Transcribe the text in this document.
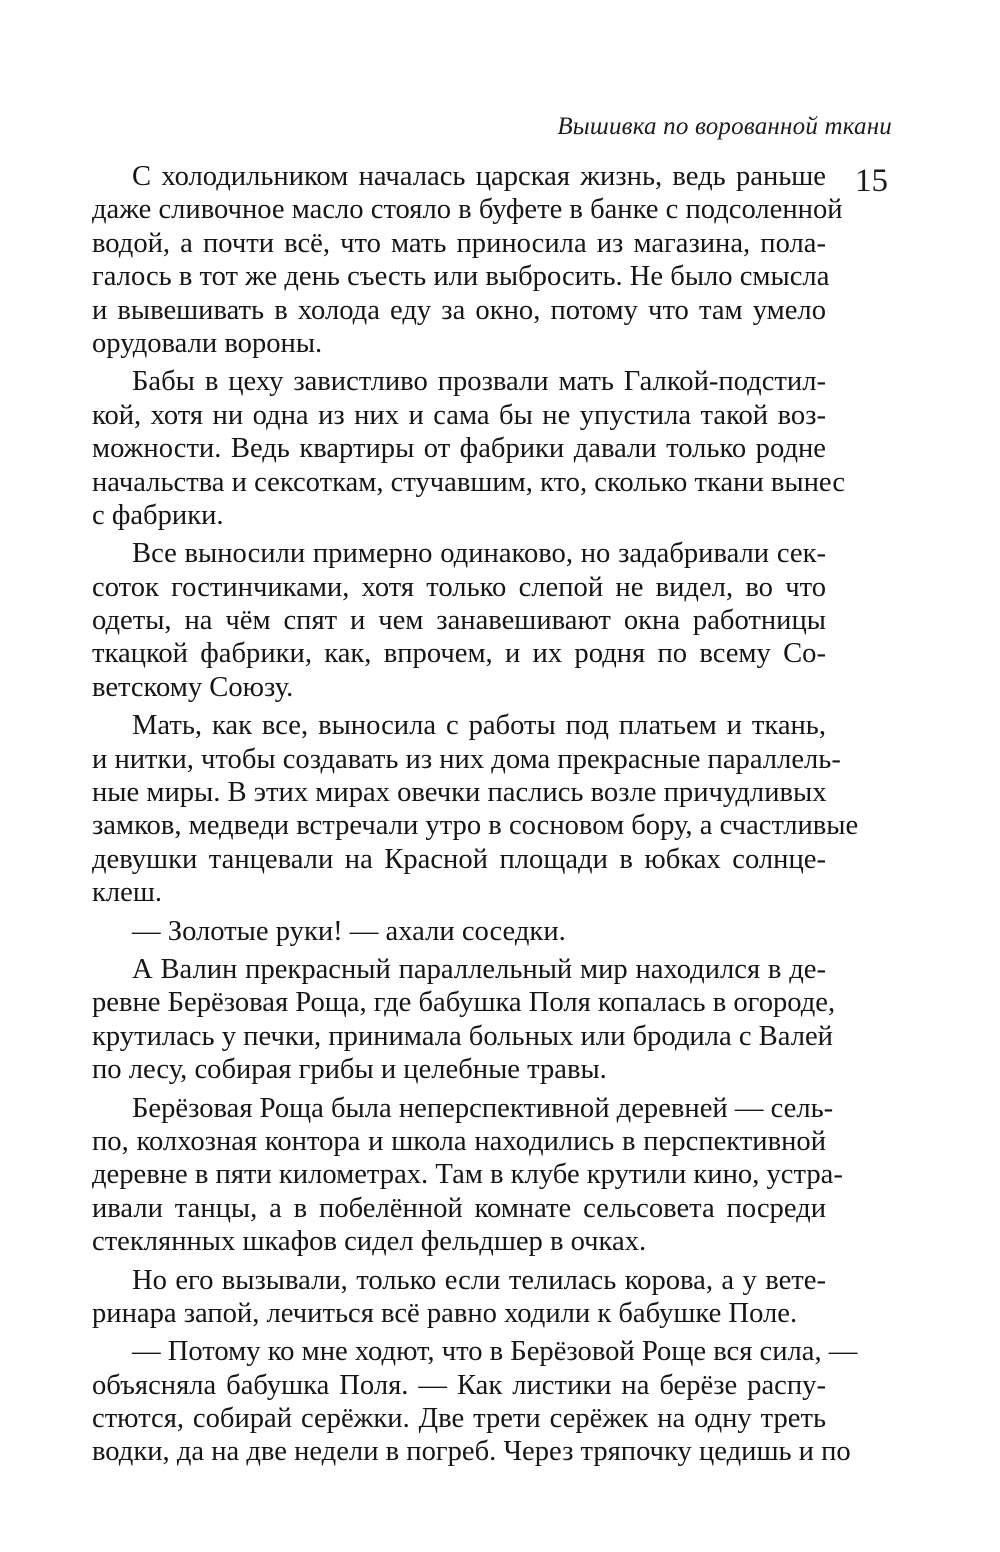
Вышивка по ворованной ткани
15
С холодильником началась царская жизнь, ведь раньше
даже сливочное масло стояло в буфете в банке с подсоленной
водой, а почти всё, что мать приносила из магазина, пола-
галось в тот же день съесть или выбросить. Не было смысла
и вывешивать в холода еду за окно, потому что там умело
орудовали вороны.
Бабы в цеху завистливо прозвали мать Галкой-подстил-
кой, хотя ни одна из них и сама бы не упустила такой воз-
можности. Ведь квартиры от фабрики давали только родне
начальства и сексоткам, стучавшим, кто, сколько ткани вынес
с фабрики.
Все выносили примерно одинаково, но задабривали сек-
соток гостинчиками, хотя только слепой не видел, во что
одеты, на чём спят и чем занавешивают окна работницы
ткацкой фабрики, как, впрочем, и их родня по всему Со-
ветскому Союзу.
Мать, как все, выносила с работы под платьем и ткань,
и нитки, чтобы создавать из них дома прекрасные параллель-
ные миры. В этих мирах овечки паслись возле причудливых
замков, медведи встречали утро в сосновом бору, а счастливые
девушки танцевали на Красной площади в юбках солнце-
клеш.
— Золотые руки! — ахали соседки.
А Валин прекрасный параллельный мир находился в де-
ревне Берёзовая Роща, где бабушка Поля копалась в огороде,
крутилась у печки, принимала больных или бродила с Валей
по лесу, собирая грибы и целебные травы.
Берёзовая Роща была неперспективной деревней — сель-
по, колхозная контора и школа находились в перспективной
деревне в пяти километрах. Там в клубе крутили кино, устра-
ивали танцы, а в побелённой комнате сельсовета посреди
стеклянных шкафов сидел фельдшер в очках.
Но его вызывали, только если телилась корова, а у вете-
ринара запой, лечиться всё равно ходили к бабушке Поле.
— Потому ко мне ходют, что в Берёзовой Роще вся сила, —
объясняла бабушка Поля. — Как листики на берёзе распу-
стются, собирай серёжки. Две трети серёжек на одну треть
водки, да на две недели в погреб. Через тряпочку цедишь и по
